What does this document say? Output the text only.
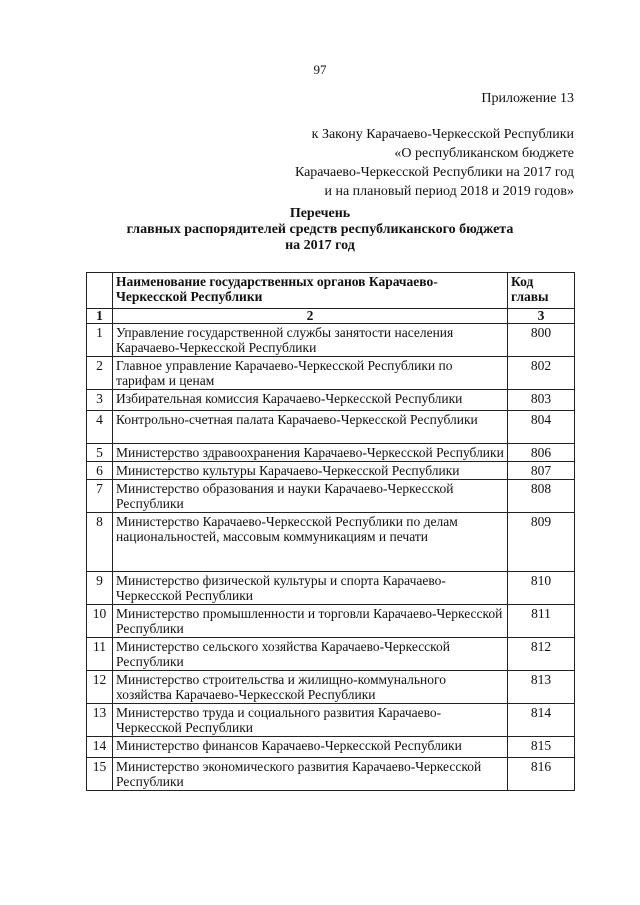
97
Приложение 13
к Закону Карачаево-Черкесской Республики
«О республиканском бюджете
Карачаево-Черкесской Республики на 2017 год
и на плановый период 2018 и 2019 годов»
Перечень
главных распорядителей средств республиканского бюджета
на 2017 год
	Наименование государственных органов Карачаево-Черкесской Республики	Код главы
1	2	3
1	Управление государственной службы занятости населения Карачаево-Черкесской Республики	800
2	Главное управление Карачаево-Черкесской Республики по тарифам и ценам	802
3	Избирательная комиссия Карачаево-Черкесской Республики	803
4	Контрольно-счетная палата Карачаево-Черкесской Республики	804
5	Министерство здравоохранения Карачаево-Черкесской Республики	806
6	Министерство культуры Карачаево-Черкесской Республики	807
7	Министерство образования и науки Карачаево-Черкесской Республики	808
8	Министерство Карачаево-Черкесской Республики по делам национальностей, массовым коммуникациям и печати	809
9	Министерство физической культуры и спорта Карачаево-Черкесской Республики	810
10	Министерство промышленности и торговли Карачаево-Черкесской Республики	811
11	Министерство сельского хозяйства Карачаево-Черкесской Республики	812
12	Министерство строительства и жилищно-коммунального хозяйства Карачаево-Черкесской Республики	813
13	Министерство труда и социального развития Карачаево-Черкесской Республики	814
14	Министерство финансов Карачаево-Черкесской Республики	815
15	Министерство экономического развития Карачаево-Черкесской Республики	816
